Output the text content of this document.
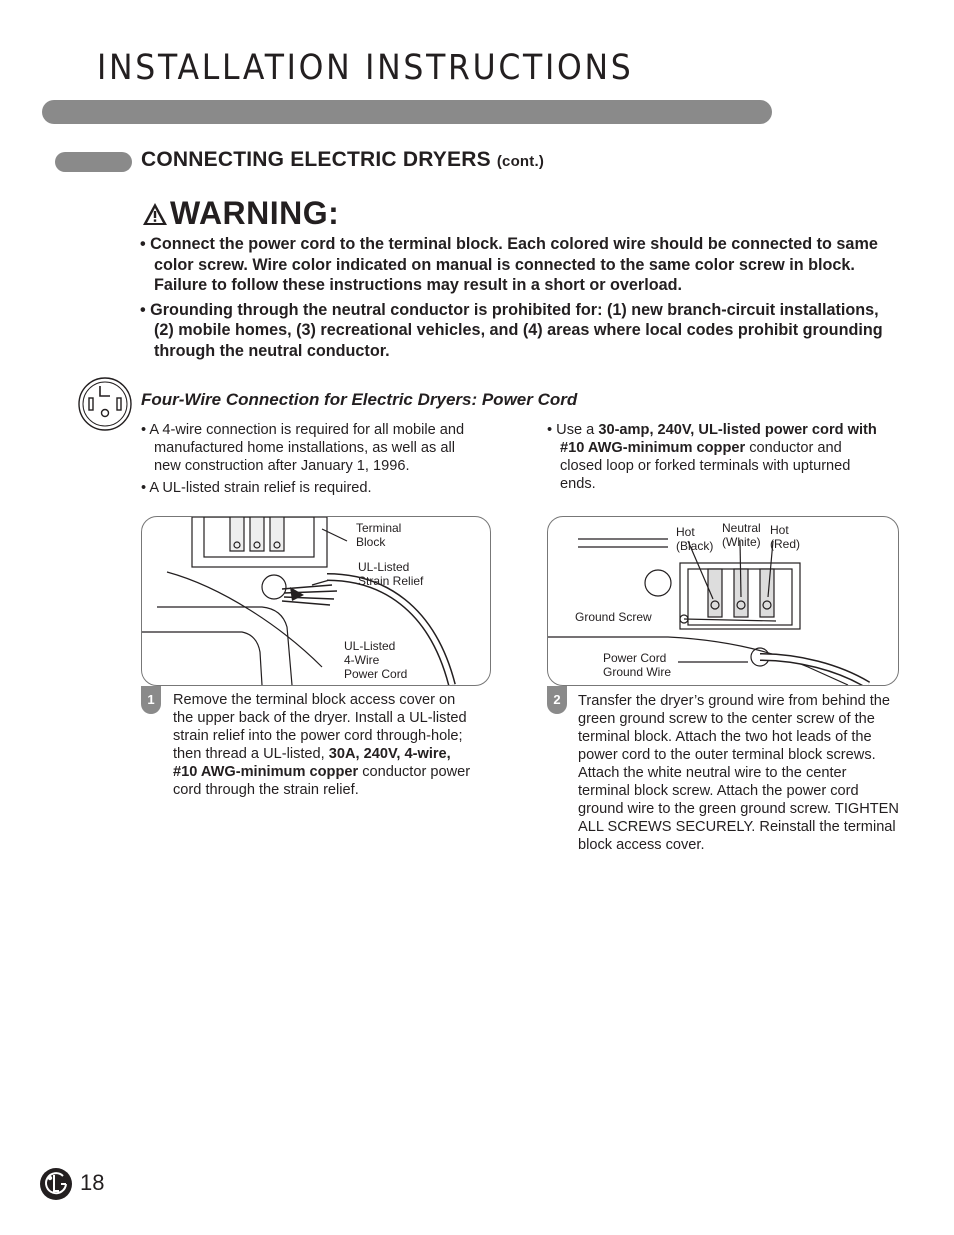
INSTALLATION INSTRUCTIONS
CONNECTING ELECTRIC DRYERS (cont.)
WARNING:
• Connect the power cord to the terminal block. Each colored wire should be connected to same color screw. Wire color indicated on manual is connected to the same color screw in block. Failure to follow these instructions may result in a short or overload.
• Grounding through the neutral conductor is prohibited for: (1) new branch-circuit installations, (2) mobile homes, (3) recreational vehicles, and (4) areas where local codes prohibit grounding through the neutral conductor.
Four-Wire Connection for Electric Dryers: Power Cord
• A 4-wire connection is required for all mobile and manufactured home installations, as well as all new construction after January 1, 1996.
• A UL-listed strain relief is required.
• Use a 30-amp, 240V, UL-listed power cord with #10 AWG-minimum copper conductor and closed loop or forked terminals with upturned ends.
Terminal
Block
UL-Listed
Strain Relief
UL-Listed
4-Wire
Power Cord
Hot
(Black)
Neutral
(White)
Hot
(Red)
Ground Screw
Power Cord
Ground Wire
1	Remove the terminal block access cover on the upper back of the dryer. Install a UL-listed strain relief into the power cord through-hole; then thread a UL-listed, 30A, 240V, 4-wire, #10 AWG-minimum copper conductor power cord through the strain relief.
2	Transfer the dryer’s ground wire from behind the green ground screw to the center screw of the terminal block. Attach the two hot leads of the power cord to the outer terminal block screws. Attach the white neutral wire to the center terminal block screw. Attach the power cord ground wire to the green ground screw. TIGHTEN ALL SCREWS SECURELY. Reinstall the terminal block access cover.
18
